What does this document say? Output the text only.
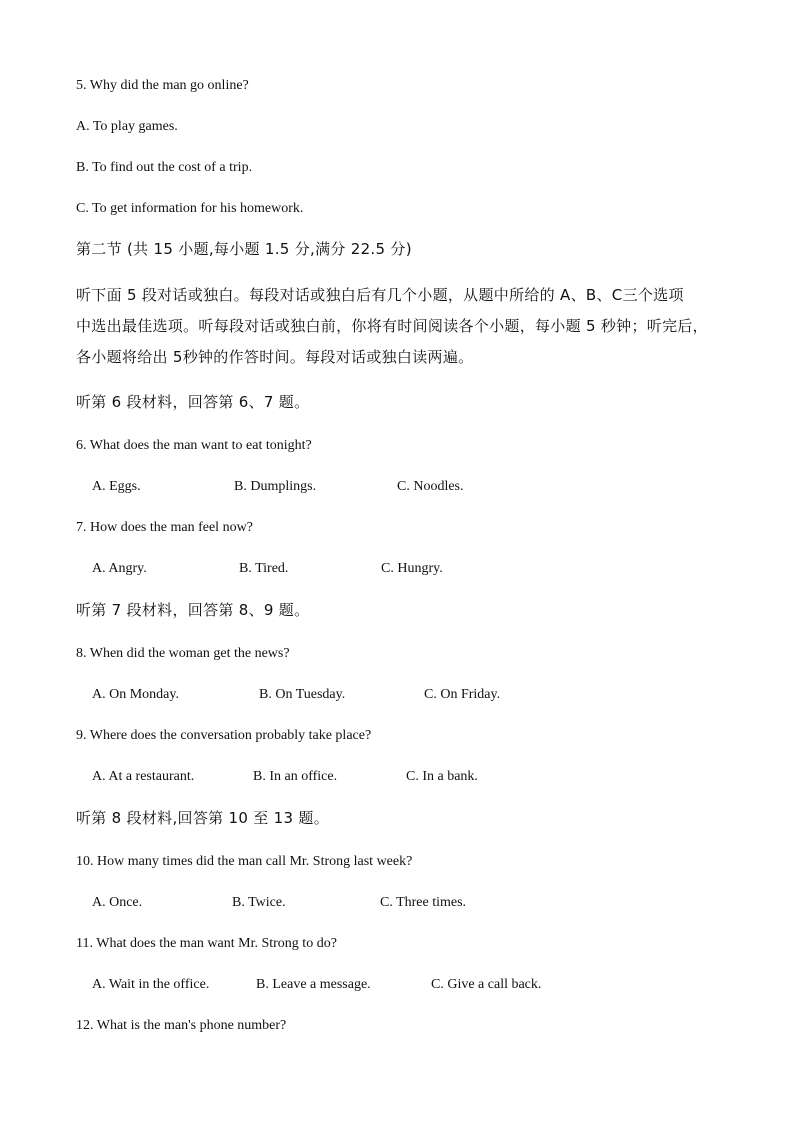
5. Why did the man go online?
A. To play games.
B. To find out the cost of a trip.
C. To get information for his homework.
第二节 (共 15 小题,每小题 1.5 分,满分 22.5 分)
听下面 5 段对话或独白。每段对话或独白后有几个小题，从题中所给的 A、B、C三个选项
中选出最佳选项。听每段对话或独白前，你将有时间阅读各个小题，每小题 5 秒钟；听完后，
各小题将给出 5秒钟的作答时间。每段对话或独白读两遍。
听第 6 段材料，回答第 6、7 题。
6. What does the man want to eat tonight?
A. Eggs.	B. Dumplings.	C. Noodles.
7. How does the man feel now?
A. Angry.	B. Tired.	C. Hungry.
听第 7 段材料，回答第 8、9 题。
8. When did the woman get the news?
A. On Monday.	B. On Tuesday.	C. On Friday.
9. Where does the conversation probably take place?
A. At a restaurant.	B. In an office.	C. In a bank.
听第 8 段材料,回答第 10 至 13 题。
10. How many times did the man call Mr. Strong last week?
A. Once.	B. Twice.	C. Three times.
11. What does the man want Mr. Strong to do?
A. Wait in the office.	B. Leave a message.	C. Give a call back.
12. What is the man's phone number?
